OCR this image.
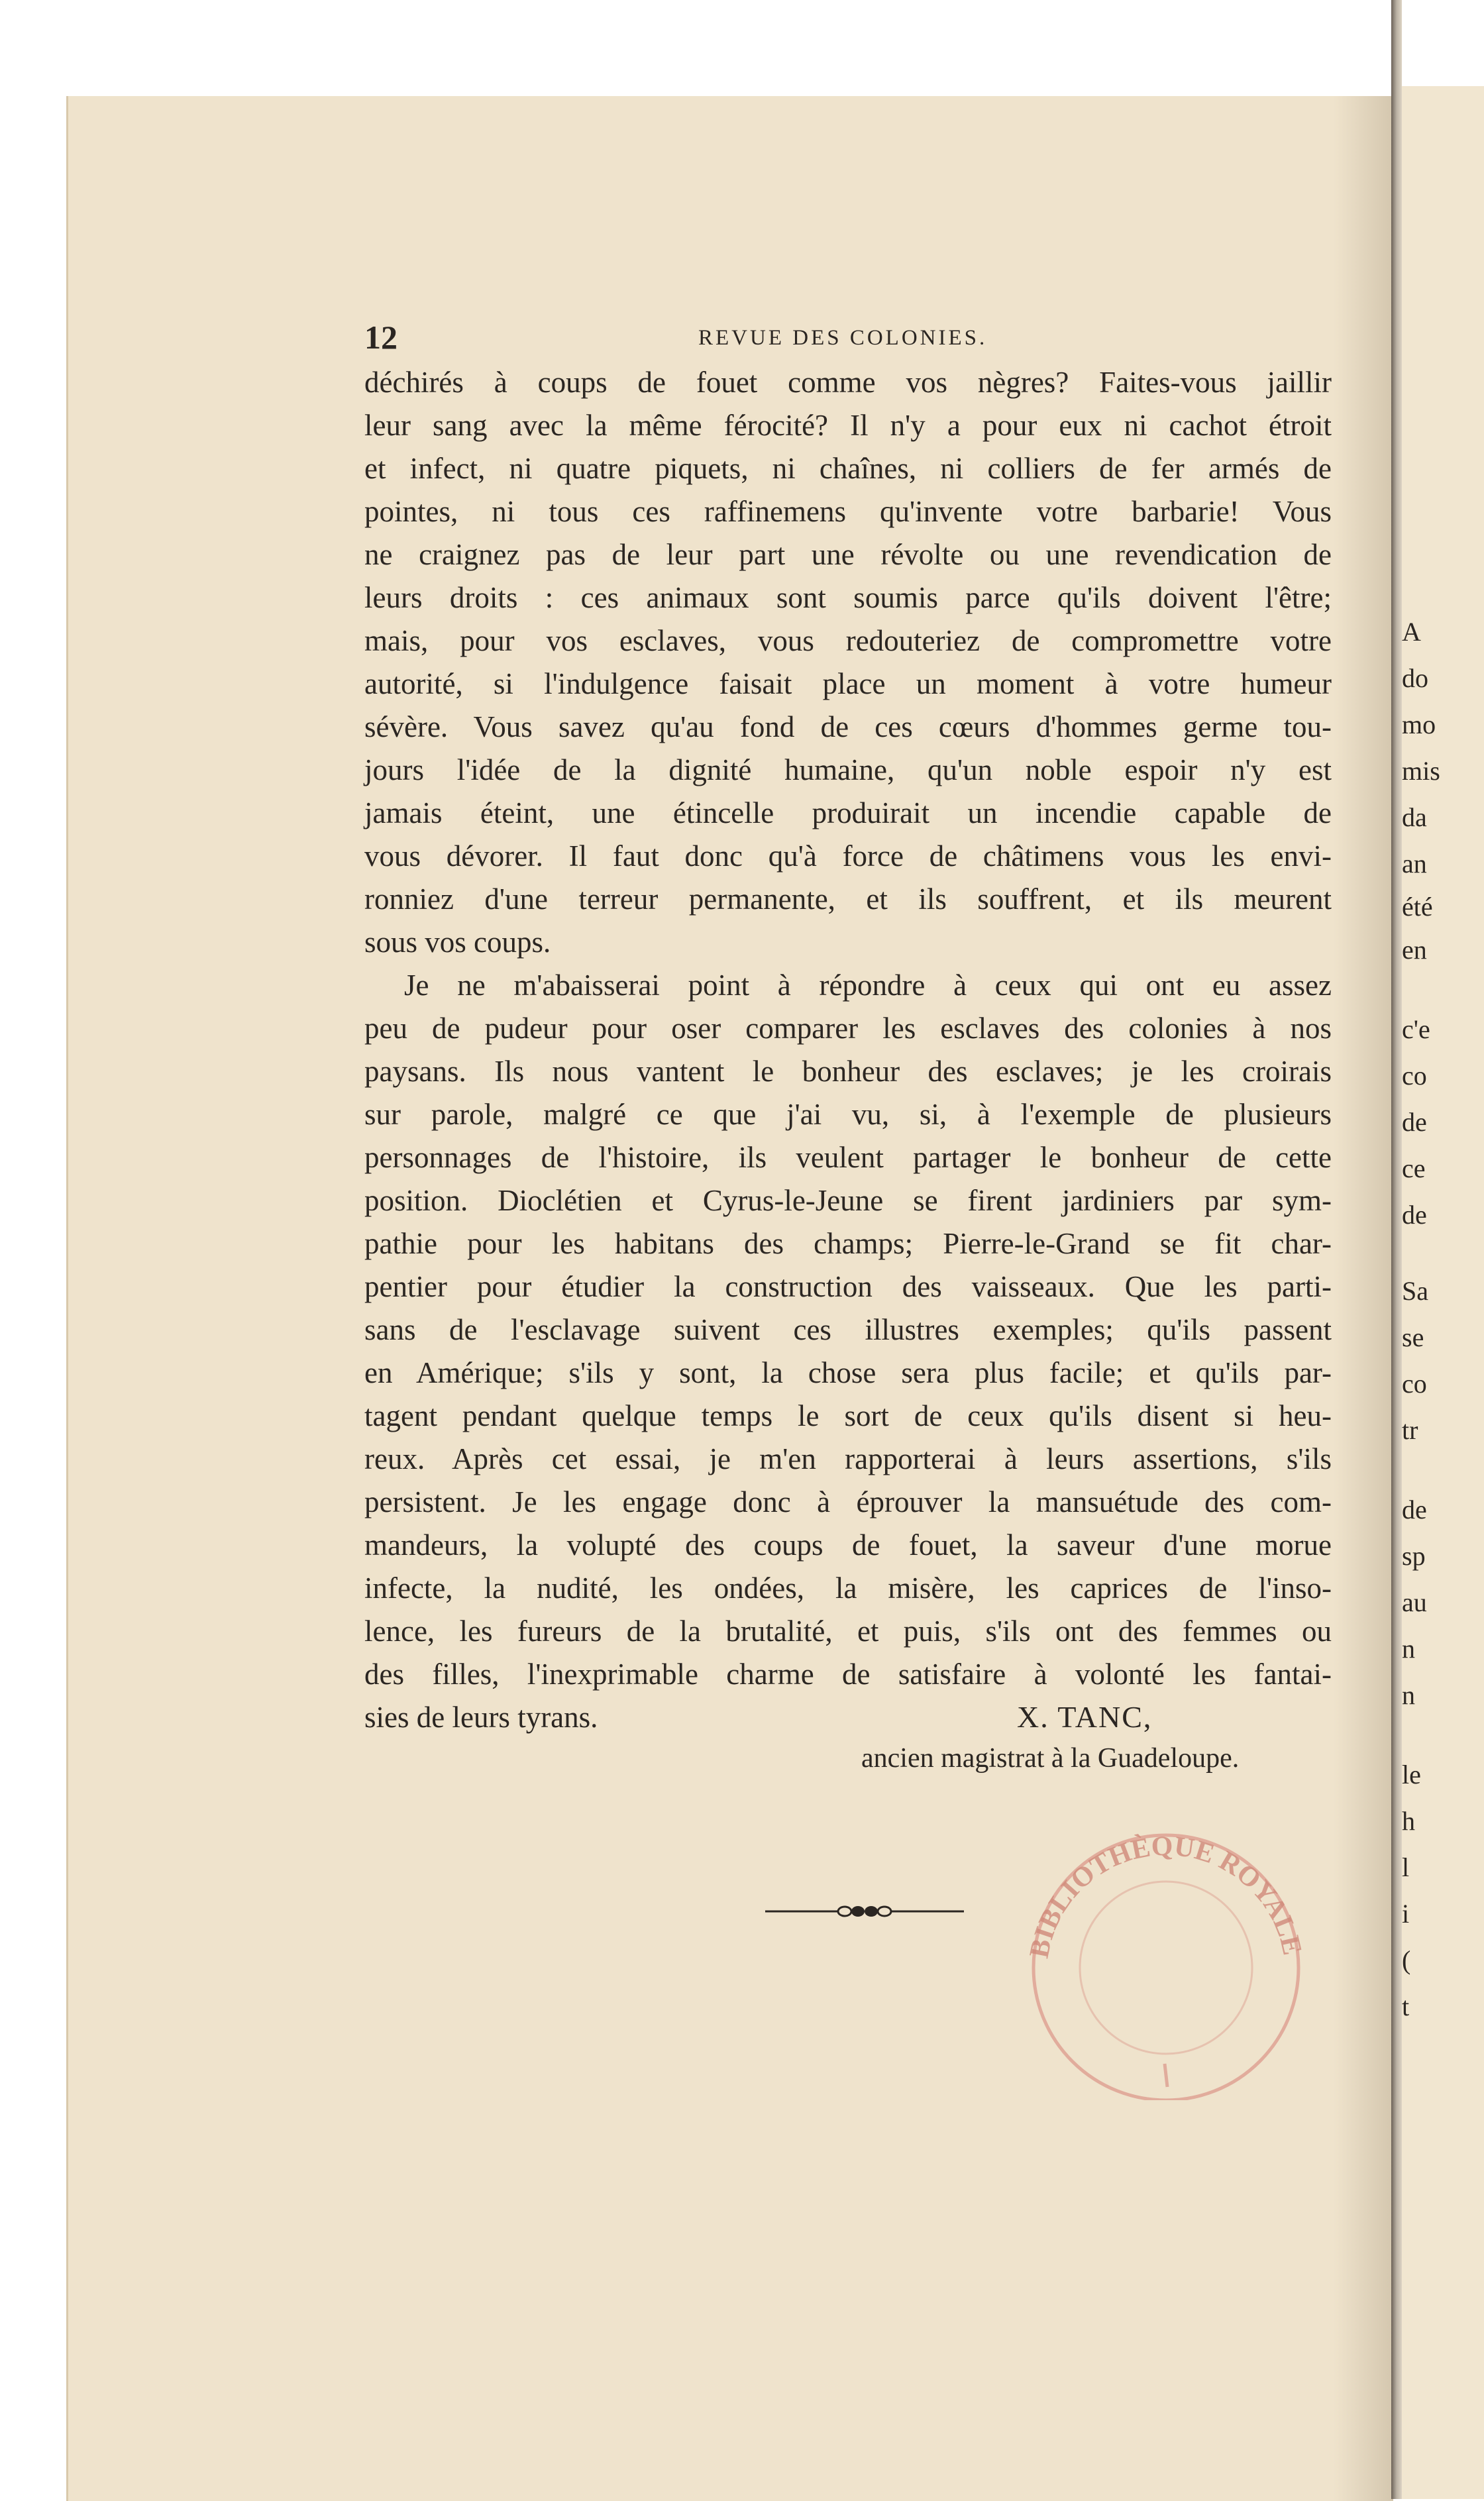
A
do
mo
mis
da
an
été
en
c'e
co
de
ce
de
Sa
se
co
tr
de
sp
au
n
n
le
h
l
i
(
t
12	REVUE DES COLONIES.
déchirés à coups de fouet comme vos nègres? Faites-vous jaillir
leur sang avec la même férocité? Il n'y a pour eux ni cachot étroit
et infect, ni quatre piquets, ni chaînes, ni colliers de fer armés de
pointes, ni tous ces raffinemens qu'invente votre barbarie! Vous
ne craignez pas de leur part une révolte ou une revendication de
leurs droits : ces animaux sont soumis parce qu'ils doivent l'être;
mais, pour vos esclaves, vous redouteriez de compromettre votre
autorité, si l'indulgence faisait place un moment à votre humeur
sévère. Vous savez qu'au fond de ces cœurs d'hommes germe tou-
jours l'idée de la dignité humaine, qu'un noble espoir n'y est
jamais éteint, une étincelle produirait un incendie capable de
vous dévorer. Il faut donc qu'à force de châtimens vous les envi-
ronniez d'une terreur permanente, et ils souffrent, et ils meurent
sous vos coups.
Je ne m'abaisserai point à répondre à ceux qui ont eu assez
peu de pudeur pour oser comparer les esclaves des colonies à nos
paysans. Ils nous vantent le bonheur des esclaves; je les croirais
sur parole, malgré ce que j'ai vu, si, à l'exemple de plusieurs
personnages de l'histoire, ils veulent partager le bonheur de cette
position. Dioclétien et Cyrus-le-Jeune se firent jardiniers par sym-
pathie pour les habitans des champs; Pierre-le-Grand se fit char-
pentier pour étudier la construction des vaisseaux. Que les parti-
sans de l'esclavage suivent ces illustres exemples; qu'ils passent
en Amérique; s'ils y sont, la chose sera plus facile; et qu'ils par-
tagent pendant quelque temps le sort de ceux qu'ils disent si heu-
reux. Après cet essai, je m'en rapporterai à leurs assertions, s'ils
persistent. Je les engage donc à éprouver la mansuétude des com-
mandeurs, la volupté des coups de fouet, la saveur d'une morue
infecte, la nudité, les ondées, la misère, les caprices de l'inso-
lence, les fureurs de la brutalité, et puis, s'ils ont des femmes ou
des filles, l'inexprimable charme de satisfaire à volonté les fantai-
sies de leurs tyrans.	X. TANC,
ancien magistrat à la Guadeloupe.
BIBLIOTHÈQUE ROYALE
